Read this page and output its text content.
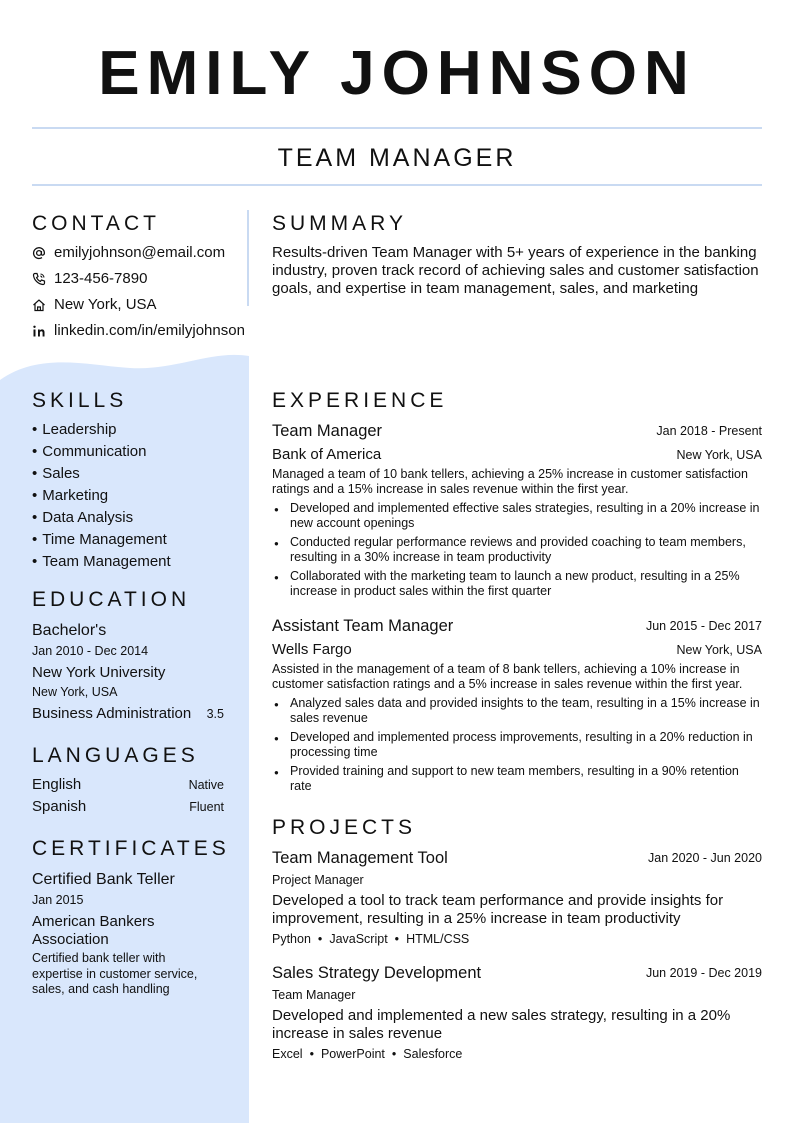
EMILY JOHNSON
TEAM MANAGER
CONTACT
emilyjohnson@email.com
123-456-7890
New York, USA
linkedin.com/in/emilyjohnson
SKILLS
• Leadership
• Communication
• Sales
• Marketing
• Data Analysis
• Time Management
• Team Management
EDUCATION
Bachelor's
Jan 2010 - Dec 2014
New York University
New York, USA
Business Administration 3.5
LANGUAGES
English	Native
Spanish	Fluent
CERTIFICATES
Certified Bank Teller
Jan 2015
American Bankers Association
Certified bank teller with expertise in customer service, sales, and cash handling
SUMMARY
Results-driven Team Manager with 5+ years of experience in the banking industry, proven track record of achieving sales and customer satisfaction goals, and expertise in team management, sales, and marketing
EXPERIENCE
Team Manager	Jan 2018 - Present
Bank of America	New York, USA
Managed a team of 10 bank tellers, achieving a 25% increase in customer satisfaction ratings and a 15% increase in sales revenue within the first year.
● Developed and implemented effective sales strategies, resulting in a 20% increase in new account openings
● Conducted regular performance reviews and provided coaching to team members, resulting in a 30% increase in team productivity
● Collaborated with the marketing team to launch a new product, resulting in a 25% increase in product sales within the first quarter
Assistant Team Manager	Jun 2015 - Dec 2017
Wells Fargo	New York, USA
Assisted in the management of a team of 8 bank tellers, achieving a 10% increase in customer satisfaction ratings and a 5% increase in sales revenue within the first year.
● Analyzed sales data and provided insights to the team, resulting in a 15% increase in sales revenue
● Developed and implemented process improvements, resulting in a 20% reduction in processing time
● Provided training and support to new team members, resulting in a 90% retention rate
PROJECTS
Team Management Tool	Jan 2020 - Jun 2020
Project Manager
Developed a tool to track team performance and provide insights for improvement, resulting in a 25% increase in team productivity
Python • JavaScript • HTML/CSS
Sales Strategy Development	Jun 2019 - Dec 2019
Team Manager
Developed and implemented a new sales strategy, resulting in a 20% increase in sales revenue
Excel • PowerPoint • Salesforce
